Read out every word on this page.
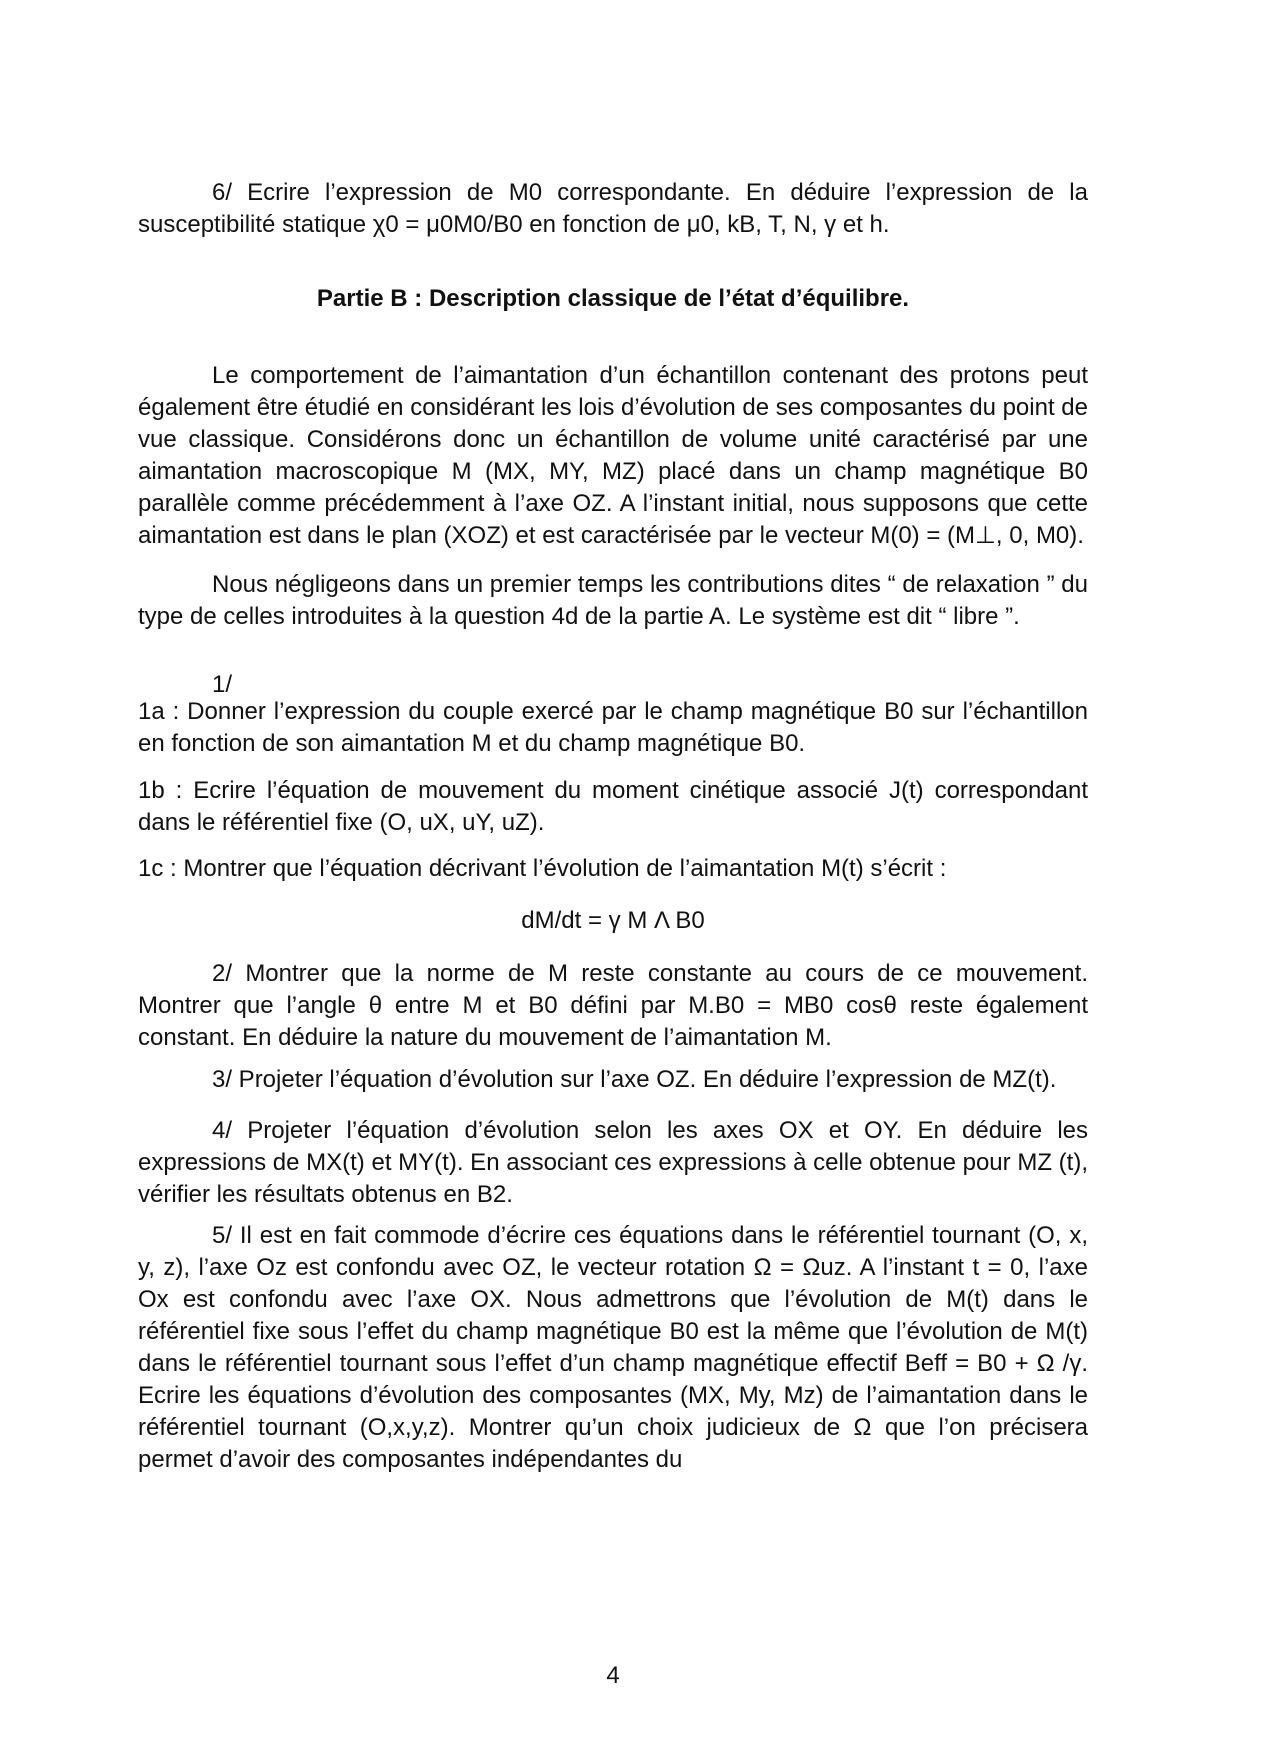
6/ Ecrire l’expression de M0 correspondante. En déduire l’expression de la susceptibilité statique χ0 = μ0M0/B0 en fonction de μ0, kB, T, N, γ et h.

Partie B : Description classique de l’état d’équilibre.

Le comportement de l’aimantation d’un échantillon contenant des protons peut également être étudié en considérant les lois d’évolution de ses composantes du point de vue classique. Considérons donc un échantillon de volume unité caractérisé par une aimantation macroscopique M (MX, MY, MZ) placé dans un champ magnétique B0 parallèle comme précédemment à l’axe OZ. A l’instant initial, nous supposons que cette aimantation est dans le plan (XOZ) et est caractérisée par le vecteur M(0) = (M⊥, 0, M0).

Nous négligeons dans un premier temps les contributions dites “ de relaxation ” du type de celles introduites à la question 4d de la partie A. Le système est dit “ libre ”.

1/

1a : Donner l’expression du couple exercé par le champ magnétique B0 sur l’échantillon en fonction de son aimantation M et du champ magnétique B0.

1b : Ecrire l’équation de mouvement du moment cinétique associé J(t) correspondant dans le référentiel fixe (O, uX, uY, uZ).

1c : Montrer que l’équation décrivant l’évolution de l’aimantation M(t) s’écrit :

dM/dt = γ M Λ B0

2/ Montrer que la norme de M reste constante au cours de ce mouvement. Montrer que l’angle θ entre M et B0 défini par M.B0 = MB0 cosθ reste également constant. En déduire la nature du mouvement de l’aimantation M.

3/ Projeter l’équation d’évolution sur l’axe OZ. En déduire l’expression de MZ(t).

4/ Projeter l’équation d’évolution selon les axes OX et OY. En déduire les expressions de MX(t) et MY(t). En associant ces expressions à celle obtenue pour MZ (t), vérifier les résultats obtenus en B2.

5/ Il est en fait commode d’écrire ces équations dans le référentiel tournant (O, x, y, z), l’axe Oz est confondu avec OZ, le vecteur rotation Ω = Ωuz. A l’instant t = 0, l’axe Ox est confondu avec l’axe OX. Nous admettrons que l’évolution de M(t) dans le référentiel fixe sous l’effet du champ magnétique B0 est la même que l’évolution de M(t) dans le référentiel tournant sous l’effet d’un champ magnétique effectif Beff = B0 + Ω /γ. Ecrire les équations d’évolution des composantes (MX, My, Mz) de l’aimantation dans le référentiel tournant (O,x,y,z). Montrer qu’un choix judicieux de Ω que l’on précisera permet d’avoir des composantes indépendantes du

4
